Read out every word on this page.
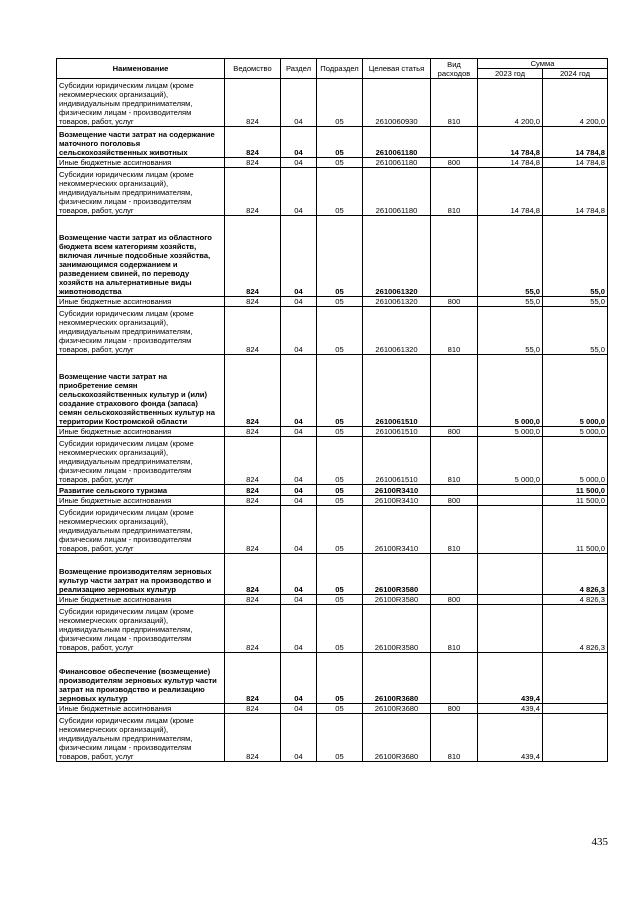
Наименование	Ведомство	Раздел	Подраздел	Целевая статья	Вид расходов	Сумма	
						2023 год	2024 год
Субсидии юридическим лицам (кроме некоммерческих организаций), индивидуальным предпринимателям, физическим лицам - производителям товаров, работ, услуг	824	04	05	2610060930	810	4 200,0	4 200,0
Возмещение части затрат на содержание маточного поголовья сельскохозяйственных животных	824	04	05	2610061180		14 784,8	14 784,8
Иные бюджетные ассигнования	824	04	05	2610061180	800	14 784,8	14 784,8
Субсидии юридическим лицам (кроме некоммерческих организаций), индивидуальным предпринимателям, физическим лицам - производителям товаров, работ, услуг	824	04	05	2610061180	810	14 784,8	14 784,8
Возмещение части затрат из областного бюджета всем категориям хозяйств, включая личные подсобные хозяйства, занимающимся содержанием и разведением свиней, по переводу хозяйств на альтернативные виды животноводства	824	04	05	2610061320		55,0	55,0
Иные бюджетные ассигнования	824	04	05	2610061320	800	55,0	55,0
Субсидии юридическим лицам (кроме некоммерческих организаций), индивидуальным предпринимателям, физическим лицам - производителям товаров, работ, услуг	824	04	05	2610061320	810	55,0	55,0
Возмещение части затрат на приобретение семян сельскохозяйственных культур и (или) создание страхового фонда (запаса) семян сельскохозяйственных культур на территории Костромской области	824	04	05	2610061510		5 000,0	5 000,0
Иные бюджетные ассигнования	824	04	05	2610061510	800	5 000,0	5 000,0
Субсидии юридическим лицам (кроме некоммерческих организаций), индивидуальным предпринимателям, физическим лицам - производителям товаров, работ, услуг	824	04	05	2610061510	810	5 000,0	5 000,0
Развитие сельского туризма	824	04	05	26100R3410			11 500,0
Иные бюджетные ассигнования	824	04	05	26100R3410	800		11 500,0
Субсидии юридическим лицам (кроме некоммерческих организаций), индивидуальным предпринимателям, физическим лицам - производителям товаров, работ, услуг	824	04	05	26100R3410	810		11 500,0
Возмещение производителям зерновых культур части затрат на производство и реализацию зерновых культур	824	04	05	26100R3580			4 826,3
Иные бюджетные ассигнования	824	04	05	26100R3580	800		4 826,3
Субсидии юридическим лицам (кроме некоммерческих организаций), индивидуальным предпринимателям, физическим лицам - производителям товаров, работ, услуг	824	04	05	26100R3580	810		4 826,3
Финансовое обеспечение (возмещение) производителям зерновых культур части затрат на производство и реализацию зерновых культур	824	04	05	26100R3680		439,4	
Иные бюджетные ассигнования	824	04	05	26100R3680	800	439,4	
Субсидии юридическим лицам (кроме некоммерческих организаций), индивидуальным предпринимателям, физическим лицам - производителям товаров, работ, услуг	824	04	05	26100R3680	810	439,4	
435
